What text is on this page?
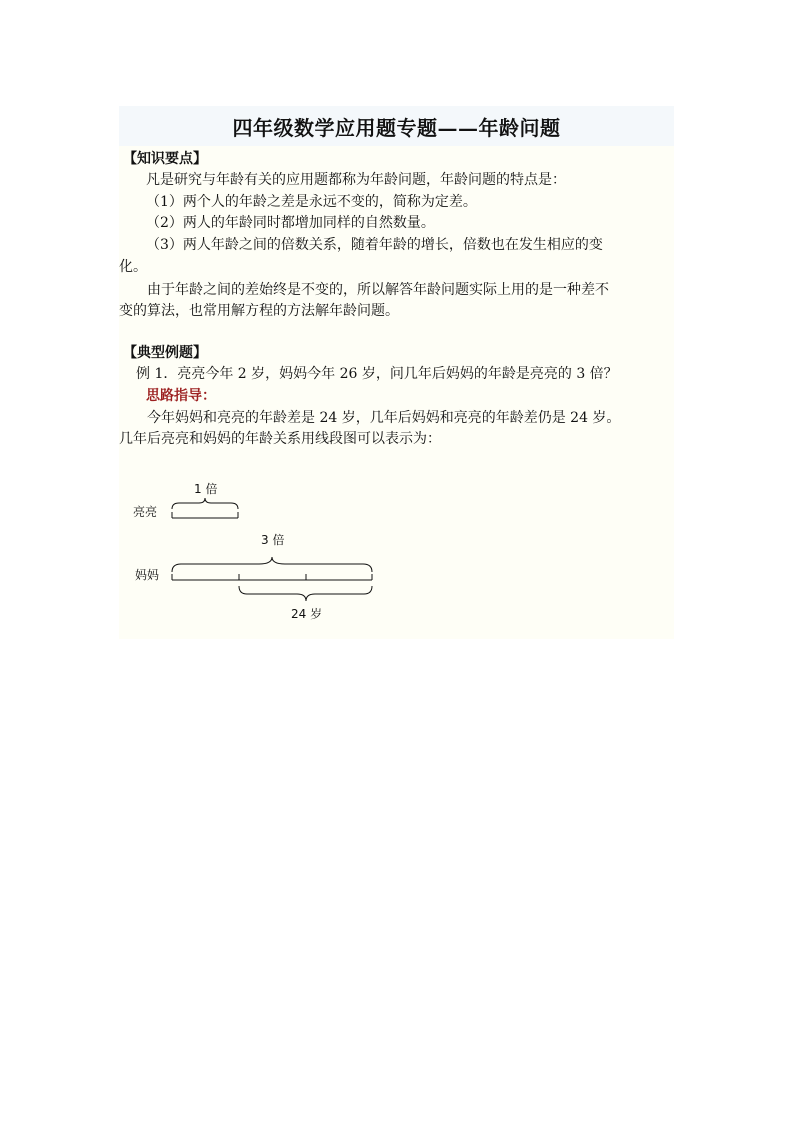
四年级数学应用题专题——年龄问题

【知识要点】

凡是研究与年龄有关的应用题都称为年龄问题，年龄问题的特点是：

（1）两个人的年龄之差是永远不变的，简称为定差。

（2）两人的年龄同时都增加同样的自然数量。

（3）两人年龄之间的倍数关系，随着年龄的增长，倍数也在发生相应的变

化。

由于年龄之间的差始终是不变的，所以解答年龄问题实际上用的是一种差不

变的算法，也常用解方程的方法解年龄问题。

【典型例题】

例 1．亮亮今年 2 岁，妈妈今年 26 岁，问几年后妈妈的年龄是亮亮的 3 倍？

思路指导：

今年妈妈和亮亮的年龄差是 24 岁，几年后妈妈和亮亮的年龄差仍是 24 岁。

几年后亮亮和妈妈的年龄关系用线段图可以表示为：

1 倍
亮亮
3 倍
妈妈
24 岁
